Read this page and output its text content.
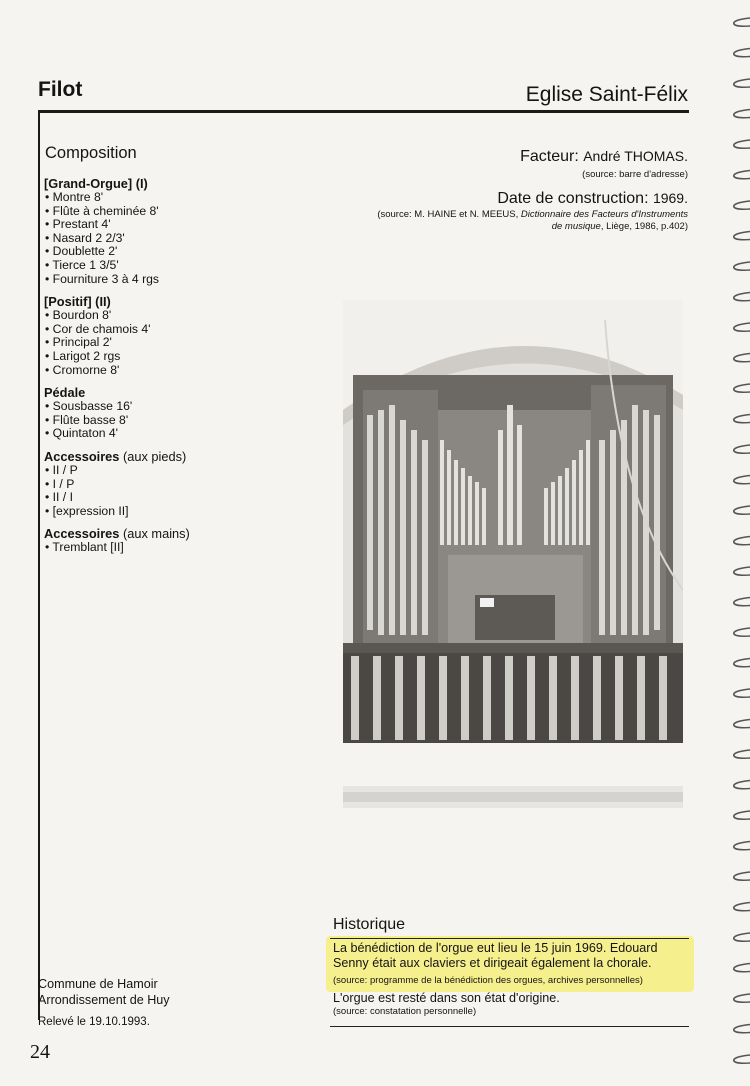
Filot	Eglise Saint-Félix
Composition
[Grand-Orgue] (I)
• Montre 8'
• Flûte à cheminée 8'
• Prestant 4'
• Nasard 2 2/3'
• Doublette 2'
• Tierce 1 3/5'
• Fourniture 3 à 4 rgs
[Positif] (II)
• Bourdon 8'
• Cor de chamois 4'
• Principal 2'
• Larigot 2 rgs
• Cromorne 8'
Pédale
• Sousbasse 16'
• Flûte basse 8'
• Quintaton 4'
Accessoires (aux pieds)
• II / P
• I / P
• II / I
• [expression II]
Accessoires (aux mains)
• Tremblant [II]
Facteur: André THOMAS.
(source: barre d'adresse)
Date de construction: 1969.
(source: M. HAINE et N. MEEUS, Dictionnaire des Facteurs d'Instruments de musique, Liège, 1986, p.402)
Historique
La bénédiction de l'orgue eut lieu le 15 juin 1969. Edouard Senny était aux claviers et dirigeait également la chorale.
(source: programme de la bénédiction des orgues, archives personnelles)
L'orgue est resté dans son état d'origine.
(source: constatation personnelle)
Commune de Hamoir
Arrondissement de Huy
Relevé le 19.10.1993.
24
